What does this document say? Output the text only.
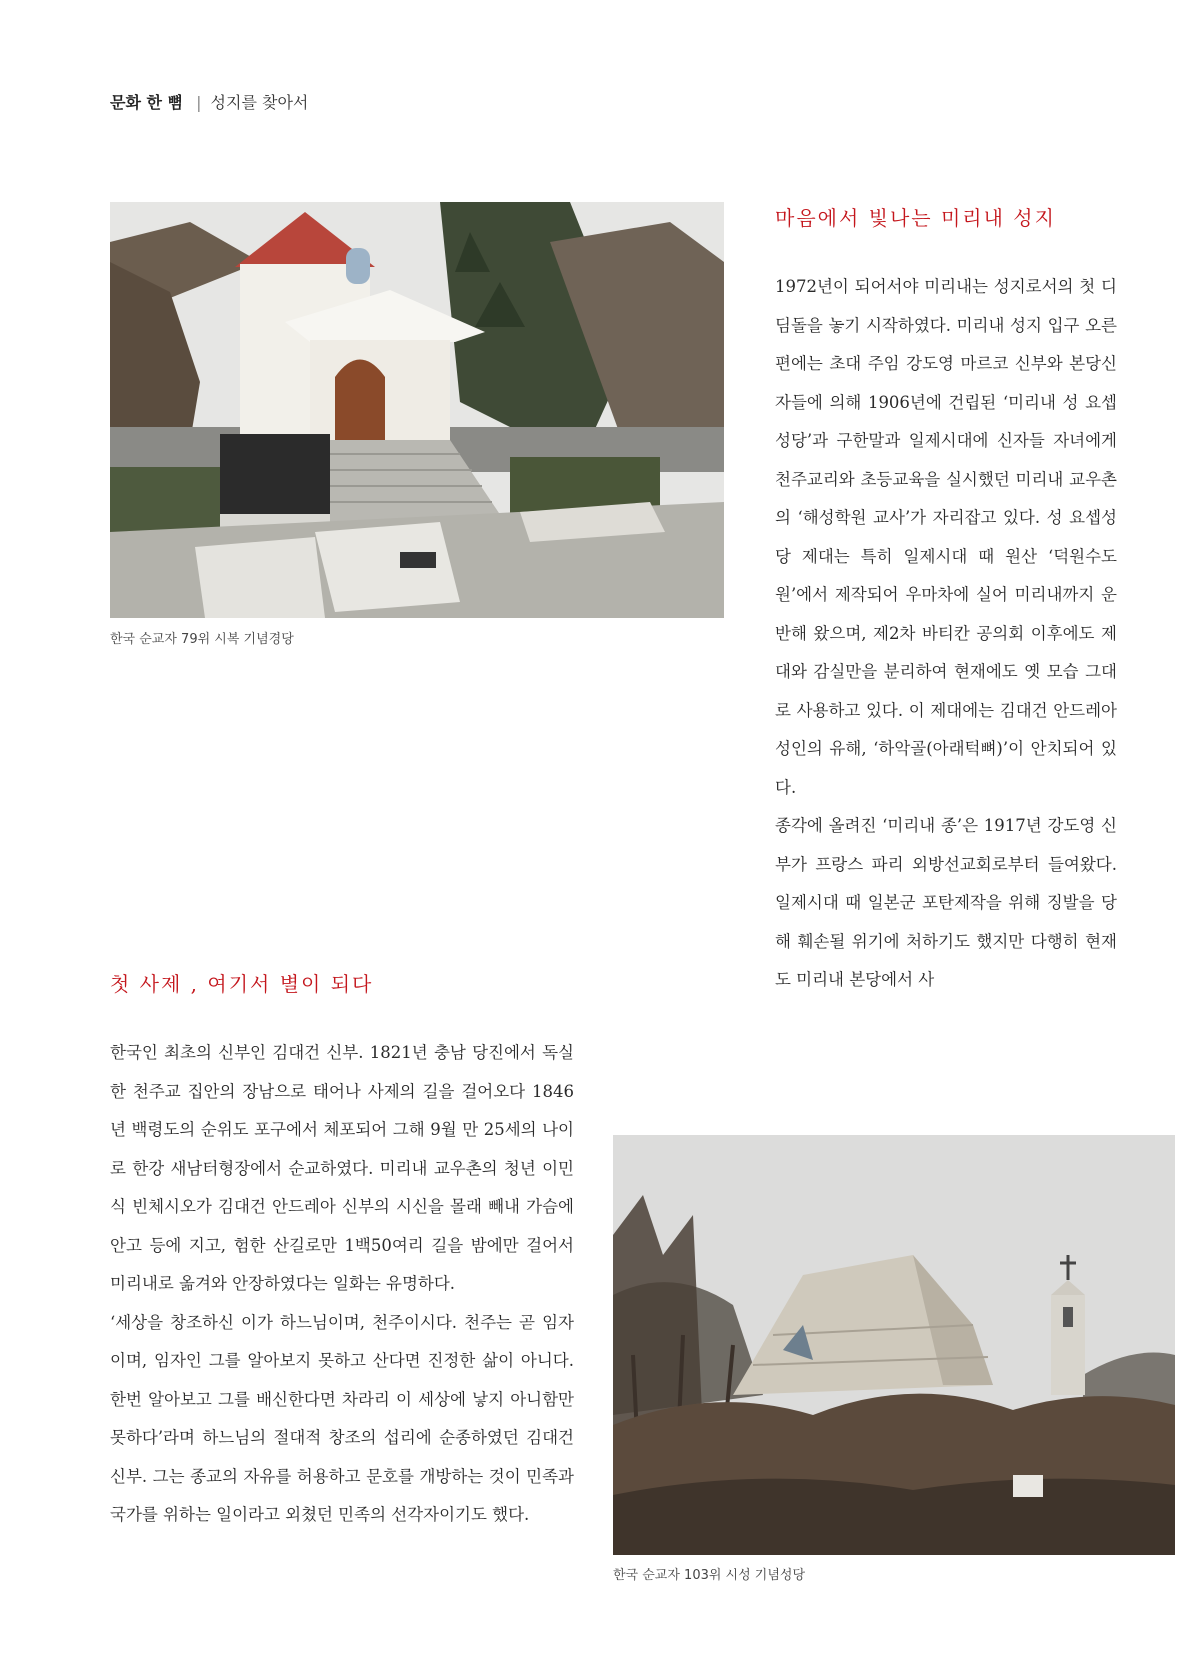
문화 한 뼘 | 성지를 찾아서
한국 순교자 79위 시복 기념경당
마음에서 빛나는 미리내 성지

1972년이 되어서야 미리내는 성지로서의 첫 디딤돌을 놓기 시작하였다. 미리내 성지 입구 오른편에는 초대 주임 강도영 마르코 신부와 본당신자들에 의해 1906년에 건립된 ‘미리내 성 요셉 성당’과 구한말과 일제시대에 신자들 자녀에게 천주교리와 초등교육을 실시했던 미리내 교우촌의 ‘해성학원 교사’가 자리잡고 있다. 성 요셉성당 제대는 특히 일제시대 때 원산 ‘덕원수도원’에서 제작되어 우마차에 실어 미리내까지 운반해 왔으며, 제2차 바티칸 공의회 이후에도 제대와 감실만을 분리하여 현재에도 옛 모습 그대로 사용하고 있다. 이 제대에는 김대건 안드레아 성인의 유해, ‘하악골(아래턱뼈)’이 안치되어 있다.

종각에 올려진 ‘미리내 종’은 1917년 강도영 신부가 프랑스 파리 외방선교회로부터 들여왔다. 일제시대 때 일본군 포탄제작을 위해 징발을 당해 훼손될 위기에 처하기도 했지만 다행히 현재도 미리내 본당에서 사

첫 사제 , 여기서 별이 되다

한국인 최초의 신부인 김대건 신부. 1821년 충남 당진에서 독실한 천주교 집안의 장남으로 태어나 사제의 길을 걸어오다 1846년 백령도의 순위도 포구에서 체포되어 그해 9월 만 25세의 나이로 한강 새남터형장에서 순교하였다. 미리내 교우촌의 청년 이민식 빈체시오가 김대건 안드레아 신부의 시신을 몰래 빼내 가슴에 안고 등에 지고, 험한 산길로만 1백50여리 길을 밤에만 걸어서 미리내로 옮겨와 안장하였다는 일화는 유명하다.

‘세상을 창조하신 이가 하느님이며, 천주이시다. 천주는 곧 임자이며, 임자인 그를 알아보지 못하고 산다면 진정한 삶이 아니다. 한번 알아보고 그를 배신한다면 차라리 이 세상에 낳지 아니함만 못하다’라며 하느님의 절대적 창조의 섭리에 순종하였던 김대건 신부. 그는 종교의 자유를 허용하고 문호를 개방하는 것이 민족과 국가를 위하는 일이라고 외쳤던 민족의 선각자이기도 했다.

한국 순교자 103위 시성 기념성당
